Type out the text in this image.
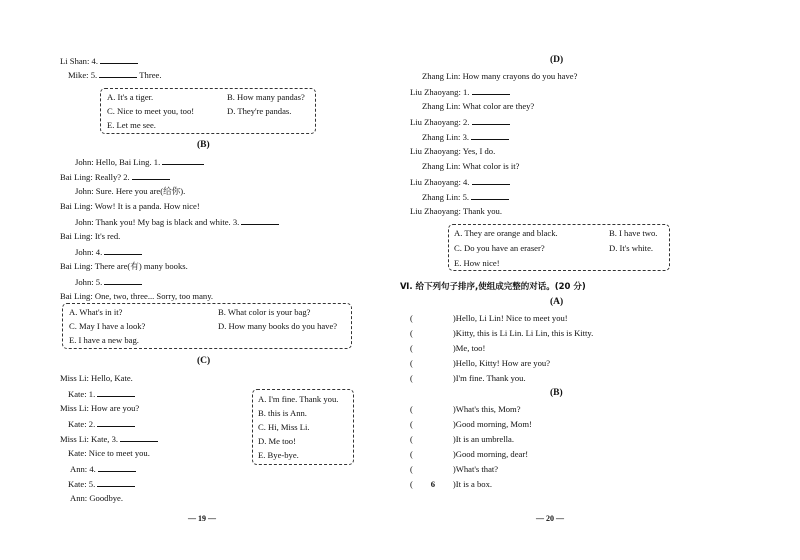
Li Shan: 4.
Mike: 5.	Three.
A. It's a tiger.	B. How many pandas?
C. Nice to meet you, too!	D. They're pandas.
E. Let me see.
(B)
John: Hello, Bai Ling. 1.
Bai Ling: Really? 2.
John: Sure. Here you are(给你).
Bai Ling: Wow! It is a panda. How nice!
John: Thank you! My bag is black and white. 3.
Bai Ling: It's red.
John: 4.
Bai Ling: There are(有) many books.
John: 5.
Bai Ling: One, two, three... Sorry, too many.
A. What's in it?	B. What color is your bag?
C. May I have a look?	D. How many books do you have?
E. I have a new bag.
(C)
Miss Li: Hello, Kate.
Kate: 1.
Miss Li: How are you?
Kate: 2.
Miss Li: Kate, 3.
Kate: Nice to meet you.
Ann: 4.
Kate: 5.
Ann: Goodbye.
A. I'm fine. Thank you.
B. this is Ann.
C. Hi, Miss Li.
D. Me too!
E. Bye-bye.
— 19 —
(D)
Zhang Lin: How many crayons do you have?
Liu Zhaoyang: 1.
Zhang Lin: What color are they?
Liu Zhaoyang: 2.
Zhang Lin: 3.
Liu Zhaoyang: Yes, I do.
Zhang Lin: What color is it?
Liu Zhaoyang: 4.
Zhang Lin: 5.
Liu Zhaoyang: Thank you.
A. They are orange and black.	B. I have two.
C. Do you have an eraser?	D. It's white.
E. How nice!
Ⅵ. 给下列句子排序,使组成完整的对话。(20 分)
(A)
(	)Hello, Li Lin! Nice to meet you!
(	)Kitty, this is Li Lin. Li Lin, this is Kitty.
(	)Me, too!
(	)Hello, Kitty! How are you?
(	)I'm fine. Thank you.
(B)
(	)What's this, Mom?
(	)Good morning, Mom!
(	)It is an umbrella.
(	)Good morning, dear!
(	)What's that?
( 6 )It is a box.
— 20 —
